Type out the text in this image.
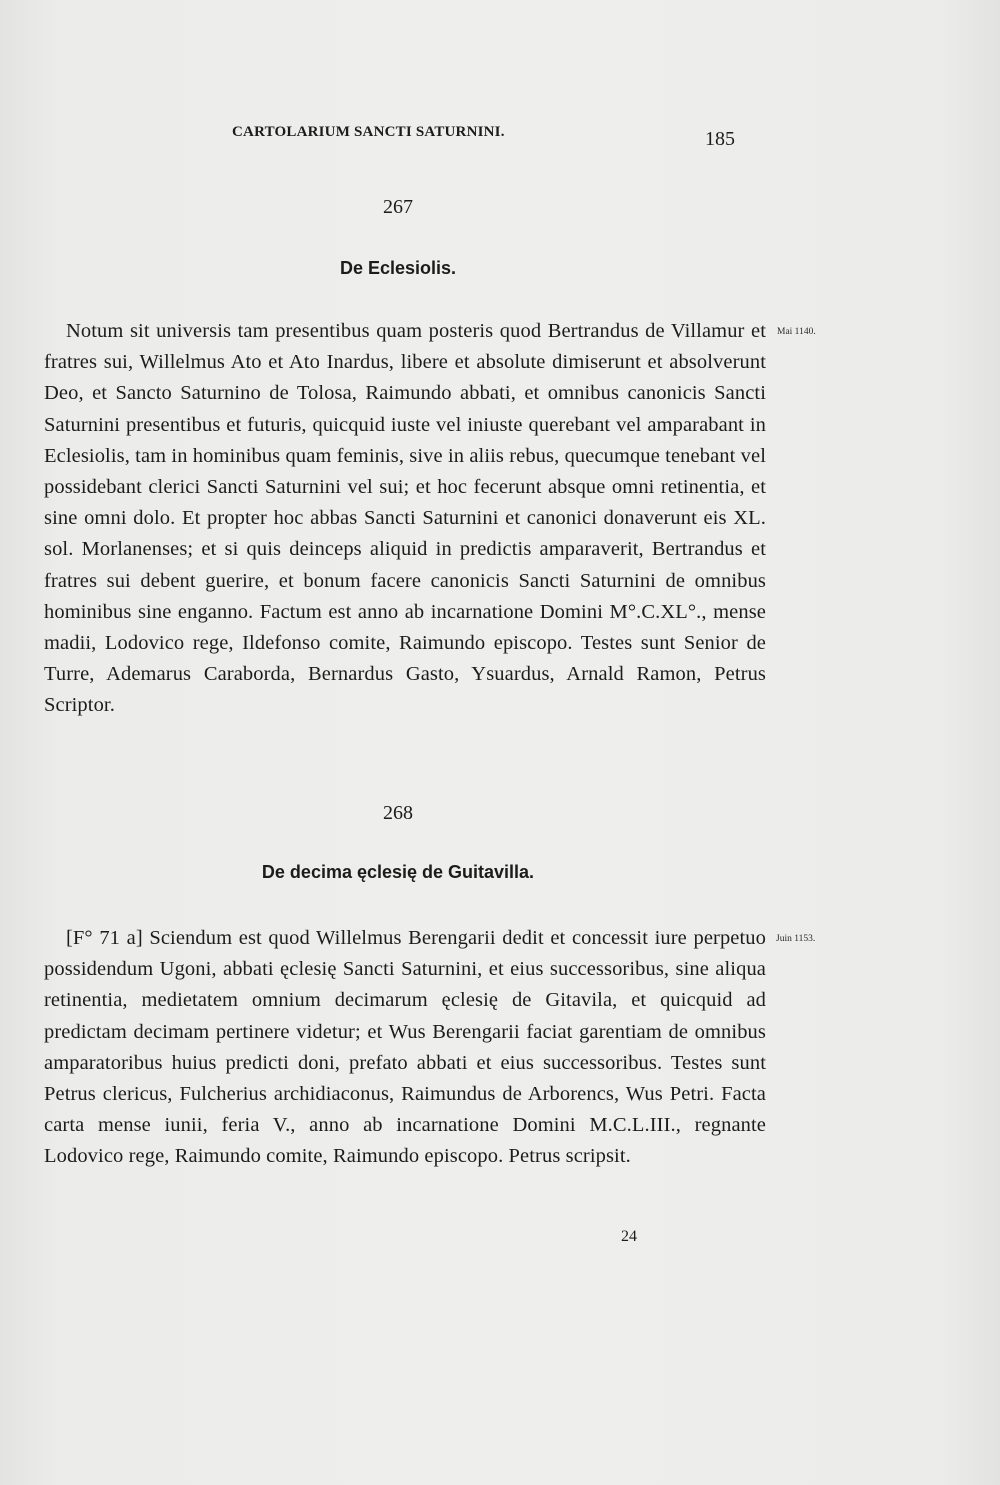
CARTOLARIUM SANCTI SATURNINI.	185
267
De Eclesiolis.
Mai 1140.

Notum sit universis tam presentibus quam posteris quod Bertrandus de Villamur et fratres sui, Willelmus Ato et Ato Inardus, libere et absolute dimiserunt et absolverunt Deo, et Sancto Saturnino de Tolosa, Raimundo abbati, et omnibus canonicis Sancti Saturnini presentibus et futuris, quicquid iuste vel iniuste querebant vel amparabant in Eclesiolis, tam in hominibus quam feminis, sive in aliis rebus, quecumque tenebant vel possidebant clerici Sancti Saturnini vel sui; et hoc fecerunt absque omni retinentia, et sine omni dolo. Et propter hoc abbas Sancti Saturnini et canonici donaverunt eis XL. sol. Morlanenses; et si quis deinceps aliquid in predictis amparaverit, Bertrandus et fratres sui debent guerire, et bonum facere canonicis Sancti Saturnini de omnibus hominibus sine enganno. Factum est anno ab incarnatione Domini M°.C.XL°., mense madii, Lodovico rege, Ildefonso comite, Raimundo episcopo. Testes sunt Senior de Turre, Ademarus Caraborda, Bernardus Gasto, Ysuardus, Arnald Ramon, Petrus Scriptor.

268
De decima ęclesię de Guitavilla.
Juin 1153.

[F° 71 a] Sciendum est quod Willelmus Berengarii dedit et concessit iure perpetuo possidendum Ugoni, abbati ęclesię Sancti Saturnini, et eius successoribus, sine aliqua retinentia, medietatem omnium decimarum ęclesię de Gitavila, et quicquid ad predictam decimam pertinere videtur; et Wus Berengarii faciat garentiam de omnibus amparatoribus huius predicti doni, prefato abbati et eius successoribus. Testes sunt Petrus clericus, Fulcherius archidiaconus, Raimundus de Arborencs, Wus Petri. Facta carta mense iunii, feria V., anno ab incarnatione Domini M.C.L.III., regnante Lodovico rege, Raimundo comite, Raimundo episcopo. Petrus scripsit.

24
